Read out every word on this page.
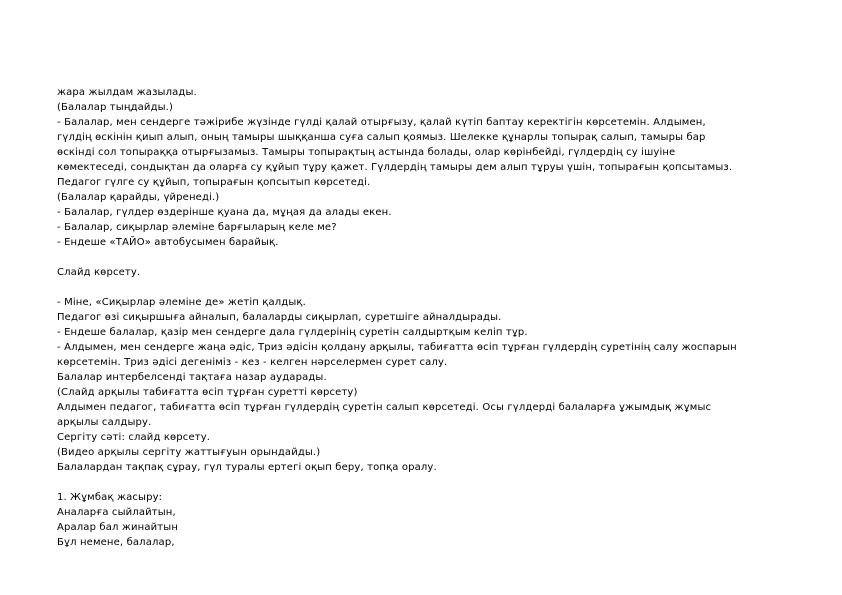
жара жылдам жазылады.
(Балалар тыңдайды.)
- Балалар, мен сендерге тәжірибе жүзінде гүлді қалай отырғызу, қалай күтіп баптау керектігін көрсетемін. Алдымен,
гүлдің өскінін қиып алып, оның тамыры шыққанша суға салып қоямыз. Шелекке құнарлы топырақ салып, тамыры бар
өскінді сол топыраққа отырғызамыз. Тамыры топырақтың астында болады, олар көрінбейді, гүлдердің су ішуіне
көмектеседі, сондықтан да оларға су құйып тұру қажет. Гүлдердің тамыры дем алып тұруы үшін, топырағын қопсытамыз.
Педагог гүлге су құйып, топырағын қопсытып көрсетеді.
(Балалар қарайды, үйренеді.)
- Балалар, гүлдер өздерінше қуана да, мұңая да алады екен.
- Балалар, сиқырлар әлеміне барғыларың келе ме?
- Ендеше «ТАЙО» автобусымен барайық.
Слайд көрсету.
- Міне, «Сиқырлар әлеміне де» жетіп қалдық.
Педагог өзі сиқыршыға айналып, балаларды сиқырлап, суретшіге айналдырады.
- Ендеше балалар, қазір мен сендерге дала гүлдерінің суретін салдыртқым келіп тұр.
- Алдымен, мен сендерге жаңа әдіс, Триз әдісін қолдану арқылы, табиғатта өсіп тұрған гүлдердің суретінің салу жоспарын
көрсетемін. Триз әдісі дегеніміз - кез - келген нәрселермен сурет салу.
Балалар интербелсенді тақтаға назар аударады.
(Слайд арқылы табиғатта өсіп тұрған суретті көрсету)
Алдымен педагог, табиғатта өсіп тұрған гүлдердің суретін салып көрсетеді. Осы гүлдерді балаларға ұжымдық жұмыс
арқылы салдыру.
Сергіту сәті: слайд көрсету.
(Видео арқылы сергіту жаттығуын орындайды.)
Балалардан тақпақ сұрау, гүл туралы ертегі оқып беру, топқа оралу.
1. Жұмбақ жасыру:
Аналарға сыйлайтын,
Аралар бал жинайтын
Бұл немене, балалар,
